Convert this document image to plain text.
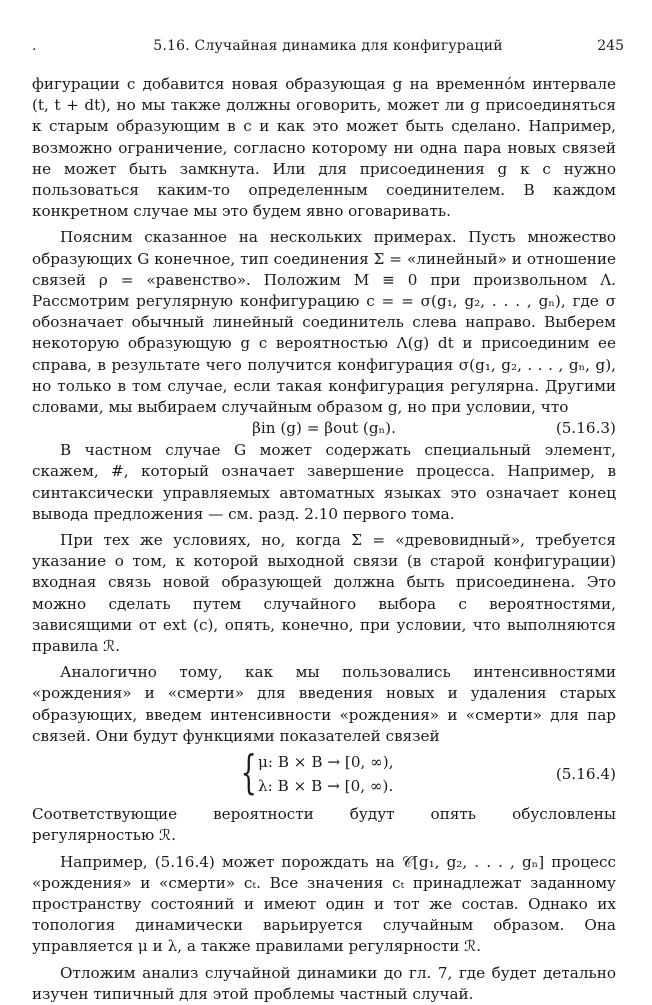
.	5.16. Случайная динамика для конфигураций	245

фигурации c добавится новая образующая g на временнóм интервале (t, t + dt), но мы также должны оговорить, может ли g присоединяться к старым образующим в c и как это может быть сделано. Например, возможно ограничение, согласно которому ни одна пара новых связей не может быть замкнута. Или для присоединения g к c нужно пользоваться каким-то определенным соединителем. В каждом конкретном случае мы это будем явно оговаривать.

Поясним сказанное на нескольких примерах. Пусть множество образующих G конечное, тип соединения Σ = «линейный» и отношение связей ρ = «равенство». Положим M ≡ 0 при произвольном Λ. Рассмотрим регулярную конфигурацию c = = σ(g₁, g₂, . . . , gₙ), где σ обозначает обычный линейный соединитель слева направо. Выберем некоторую образующую g с вероятностью Λ(g) dt и присоединим ее справа, в результате чего получится конфигурация σ(g₁, g₂, . . . , gₙ, g), но только в том случае, если такая конфигурация регулярна. Другими словами, мы выбираем случайным образом g, но при условии, что

βin (g) = βout (gₙ).	(5.16.3)

В частном случае G может содержать специальный элемент, скажем, #, который означает завершение процесса. Например, в синтаксически управляемых автоматных языках это означает конец вывода предложения — см. разд. 2.10 первого тома.

При тех же условиях, но, когда Σ = «древовидный», требуется указание о том, к которой выходной связи (в старой конфигурации) входная связь новой образующей должна быть присоединена. Это можно сделать путем случайного выбора с вероятностями, зависящими от ext (c), опять, конечно, при условии, что выполняются правила ℛ.

Аналогично тому, как мы пользовались интенсивностями «рождения» и «смерти» для введения новых и удаления старых образующих, введем интенсивности «рождения» и «смерти» для пар связей. Они будут функциями показателей связей

{ μ: B × B → [0, ∞),
λ: B × B → [0, ∞).
(5.16.4)

Соответствующие вероятности будут опять обусловлены регулярностью ℛ.

Например, (5.16.4) может порождать на 𝒞[g₁, g₂, . . . , gₙ] процесс «рождения» и «смерти» cₜ. Все значения cₜ принадлежат заданному пространству состояний и имеют один и тот же состав. Однако их топология динамически варьируется случайным образом. Она управляется μ и λ, а также правилами регулярности ℛ.

Отложим анализ случайной динамики до гл. 7, где будет детально изучен типичный для этой проблемы частный случай.
